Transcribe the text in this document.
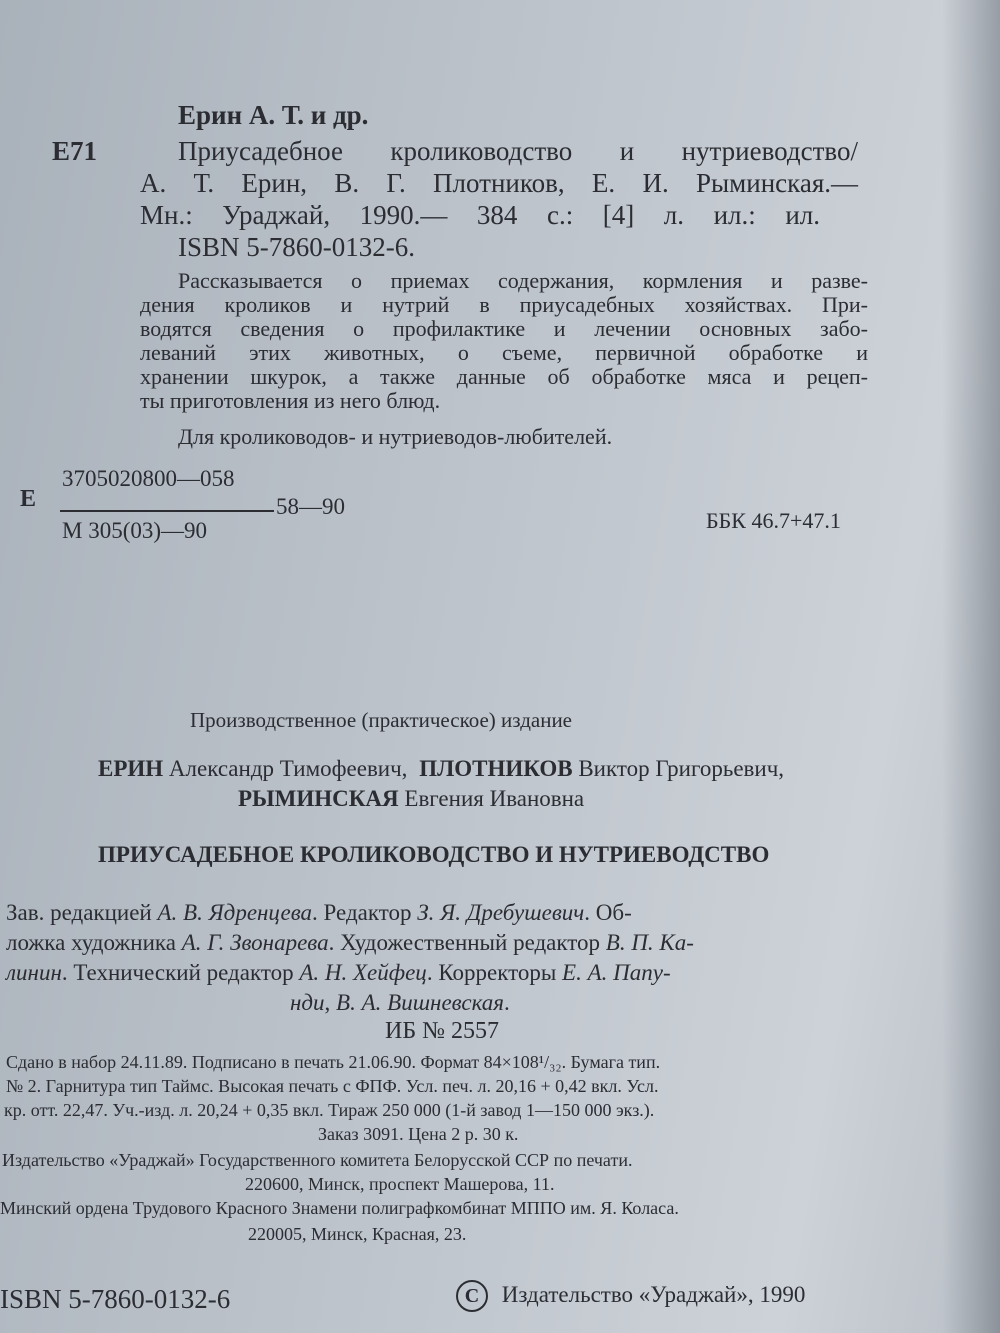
Ерин А. Т. и др.
Е71	Приусадебное кролиководство и нутриеводство/
А. Т. Ерин, В. Г. Плотников, Е. И. Рыминская.—
Мн.: Ураджай, 1990.— 384 с.: [4] л. ил.: ил.
ISBN 5-7860-0132-6.
Рассказывается о приемах содержания, кормления и разве-
дения кроликов и нутрий в приусадебных хозяйствах. При-
водятся сведения о профилактике и лечении основных забо-
леваний этих животных, о съеме, первичной обработке и
хранении шкурок, а также данные об обработке мяса и рецеп-
ты приготовления из него блюд.
Для кролиководов- и нутриеводов-любителей.
Е
3705020800—058
58—90
М 305(03)—90	ББК 46.7+47.1
Производственное (практическое) издание
ЕРИН Александр Тимофеевич, ПЛОТНИКОВ Виктор Григорьевич,
РЫМИНСКАЯ Евгения Ивановна
ПРИУСАДЕБНОЕ КРОЛИКОВОДСТВО И НУТРИЕВОДСТВО
Зав. редакцией А. В. Ядренцева. Редактор З. Я. Дребушевич. Об-
ложка художника А. Г. Звонарева. Художественный редактор В. П. Ка-
линин. Технический редактор А. Н. Хейфец. Корректоры Е. А. Папу-
нди, В. А. Вишневская.
ИБ № 2557
Сдано в набор 24.11.89. Подписано в печать 21.06.90. Формат 84×108¹/₃₂. Бумага тип.
№ 2. Гарнитура тип Таймс. Высокая печать с ФПФ. Усл. печ. л. 20,16 + 0,42 вкл. Усл.
кр. отт. 22,47. Уч.-изд. л. 20,24 + 0,35 вкл. Тираж 250 000 (1-й завод 1—150 000 экз.).
Заказ 3091. Цена 2 р. 30 к.
Издательство «Ураджай» Государственного комитета Белорусской ССР по печати.
220600, Минск, проспект Машерова, 11.
Минский ордена Трудового Красного Знамени полиграфкомбинат МППО им. Я. Коласа.
220005, Минск, Красная, 23.
ISBN 5-7860-0132-6	C Издательство «Ураджай», 1990
